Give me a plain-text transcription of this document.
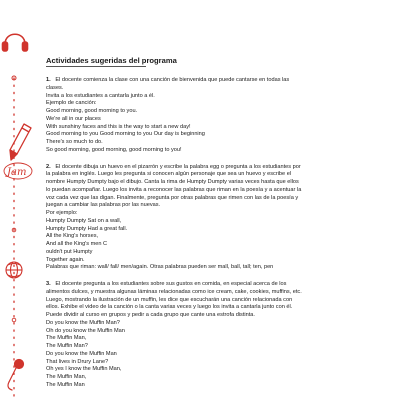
Jam
Actividades sugeridas del programa
1. El docente comienza la clase con una canción de bienvenida que puede cantarse en todas las
clases.
Invita a los estudiantes a cantarla junto a él.
Ejemplo de canción:
Good morning, good morning to you.
We're all in our places
With sunshiny faces and this is the way to start a new day!
Good morning to you Good morning to you Our day is beginning
There's so much to do.
So good morning, good morning, good morning to you!
2. El docente dibuja un huevo en el pizarrón y escribe la palabra egg o pregunta a los estudiantes por
la palabra en inglés. Luego les pregunta si conocen algún personaje que sea un huevo y escribe el
nombre Humpty Dumpty bajo el dibujo. Canta la rima de Humpty Dumpty varias veces hasta que ellos
lo puedan acompañar. Luego los invita a reconocer las palabras que riman en la poesía y a acentuar la
voz cada vez que las digan. Finalmente, pregunta por otras palabras que rimen con las de la poesía y
juegan a cambiar las palabras por las nuevas.
Por ejemplo:
Humpty Dumpty Sat on a wall,
Humpty Dumpty Had a great fall.
All the King's horses,
And all the King's men C
ouldn't put Humpty
Together again.
Palabras que riman: wall/ fall/ men/again. Otras palabras pueden ser mall, ball, tall; ten, pen
3. El docente pregunta a los estudiantes sobre sus gustos en comida, en especial acerca de los
alimentos dulces, y muestra algunas láminas relacionadas como ice cream, cake, cookies, muffins, etc.
Luego, mostrando la ilustración de un muffin, les dice que escucharán una canción relacionada con
ellos. Exhibe el video de la canción o la canta varias veces y luego los invita a cantarla junto con él.
Puede dividir al curso en grupos y pedir a cada grupo que cante una estrofa distinta.
Do you know the Muffin Man?
Oh do you know the Muffin Man
The Muffin Man,
The Muffin Man?
Do you know the Muffin Man
That lives in Drury Lane?
Oh yes I know the Muffin Man,
The Muffin Man,
The Muffin Man
